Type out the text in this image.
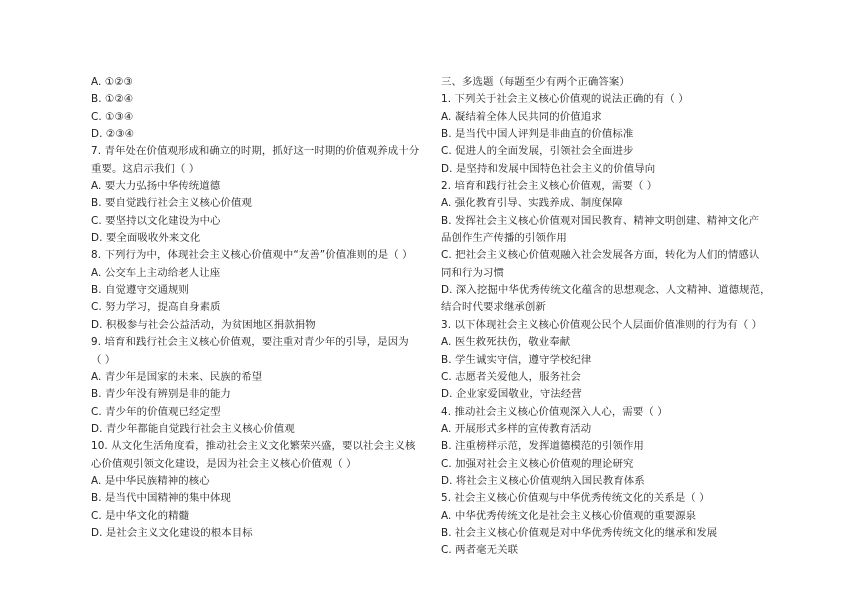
A. ①②③
B. ①②④
C. ①③④
D. ②③④
7. 青年处在价值观形成和确立的时期，抓好这一时期的价值观养成十分
重要。这启示我们（ ）
A. 要大力弘扬中华传统道德
B. 要自觉践行社会主义核心价值观
C. 要坚持以文化建设为中心
D. 要全面吸收外来文化
8. 下列行为中，体现社会主义核心价值观中“友善”价值准则的是（ ）
A. 公交车上主动给老人让座
B. 自觉遵守交通规则
C. 努力学习，提高自身素质
D. 积极参与社会公益活动，为贫困地区捐款捐物
9. 培育和践行社会主义核心价值观，要注重对青少年的引导，是因为
（ ）
A. 青少年是国家的未来、民族的希望
B. 青少年没有辨别是非的能力
C. 青少年的价值观已经定型
D. 青少年都能自觉践行社会主义核心价值观
10. 从文化生活角度看，推动社会主义文化繁荣兴盛，要以社会主义核
心价值观引领文化建设，是因为社会主义核心价值观（ ）
A. 是中华民族精神的核心
B. 是当代中国精神的集中体现
C. 是中华文化的精髓
D. 是社会主义文化建设的根本目标
三、多选题（每题至少有两个正确答案）
1. 下列关于社会主义核心价值观的说法正确的有（ ）
A. 凝结着全体人民共同的价值追求
B. 是当代中国人评判是非曲直的价值标准
C. 促进人的全面发展，引领社会全面进步
D. 是坚持和发展中国特色社会主义的价值导向
2. 培育和践行社会主义核心价值观，需要（ ）
A. 强化教育引导、实践养成、制度保障
B. 发挥社会主义核心价值观对国民教育、精神文明创建、精神文化产
品创作生产传播的引领作用
C. 把社会主义核心价值观融入社会发展各方面，转化为人们的情感认
同和行为习惯
D. 深入挖掘中华优秀传统文化蕴含的思想观念、人文精神、道德规范，
结合时代要求继承创新
3. 以下体现社会主义核心价值观公民个人层面价值准则的行为有（ ）
A. 医生救死扶伤，敬业奉献
B. 学生诚实守信，遵守学校纪律
C. 志愿者关爱他人，服务社会
D. 企业家爱国敬业，守法经营
4. 推动社会主义核心价值观深入人心，需要（ ）
A. 开展形式多样的宣传教育活动
B. 注重榜样示范，发挥道德模范的引领作用
C. 加强对社会主义核心价值观的理论研究
D. 将社会主义核心价值观纳入国民教育体系
5. 社会主义核心价值观与中华优秀传统文化的关系是（ ）
A. 中华优秀传统文化是社会主义核心价值观的重要源泉
B. 社会主义核心价值观是对中华优秀传统文化的继承和发展
C. 两者毫无关联
